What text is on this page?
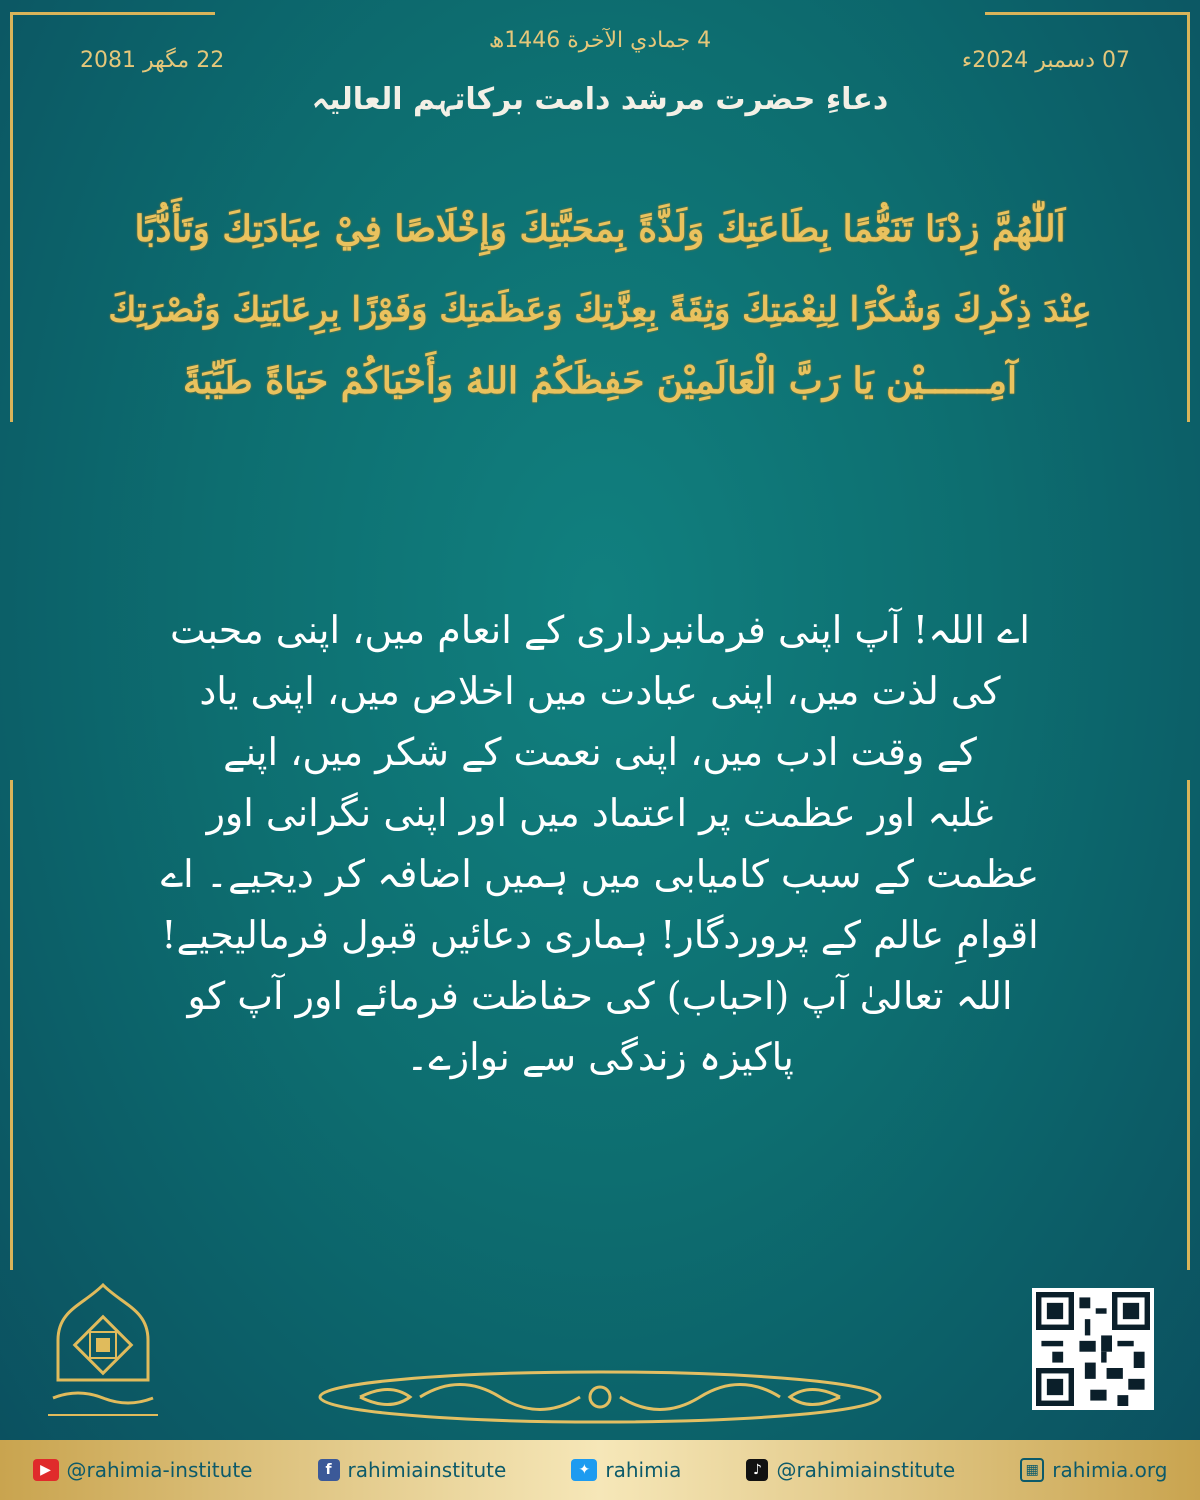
4 جمادي الآخرة 1446ھ
07 دسمبر 2024ء
22 مگھر 2081
دعاءِ حضرت مرشد دامت برکاتہم العالیہ
اَللّٰهُمَّ زِدْنَا تَنَعُّمًا بِطَاعَتِكَ وَلَذَّةً بِمَحَبَّتِكَ وَإِخْلَاصًا فِيْ عِبَادَتِكَ وَتَأَدُّبًا
عِنْدَ ذِكْرِكَ وَشُكْرًا لِنِعْمَتِكَ وَثِقَةً بِعِزَّتِكَ وَعَظَمَتِكَ وَفَوْزًا بِرِعَايَتِكَ وَنُصْرَتِكَ
آمِــــــيْن يَا رَبَّ الْعَالَمِيْنَ حَفِظَكُمُ اللهُ وَأَحْيَاكُمْ حَيَاةً طَيِّبَةً
اے اللہ! آپ اپنی فرمانبرداری کے انعام میں، اپنی محبت
کی لذت میں، اپنی عبادت میں اخلاص میں، اپنی یاد
کے وقت ادب میں، اپنی نعمت کے شکر میں، اپنے
غلبہ اور عظمت پر اعتماد میں اور اپنی نگرانی اور
عظمت کے سبب کامیابی میں ہمیں اضافہ کر دیجیے۔ اے
اقوامِ عالم کے پروردگار! ہماری دعائیں قبول فرمالیجیے!
اللہ تعالیٰ آپ (احباب) کی حفاظت فرمائے اور آپ کو
پاکیزہ زندگی سے نوازے۔
▶ @rahimia-institute	f rahimiainstitute	✦ rahimia	♪ @rahimiainstitute	▦ rahimia.org
